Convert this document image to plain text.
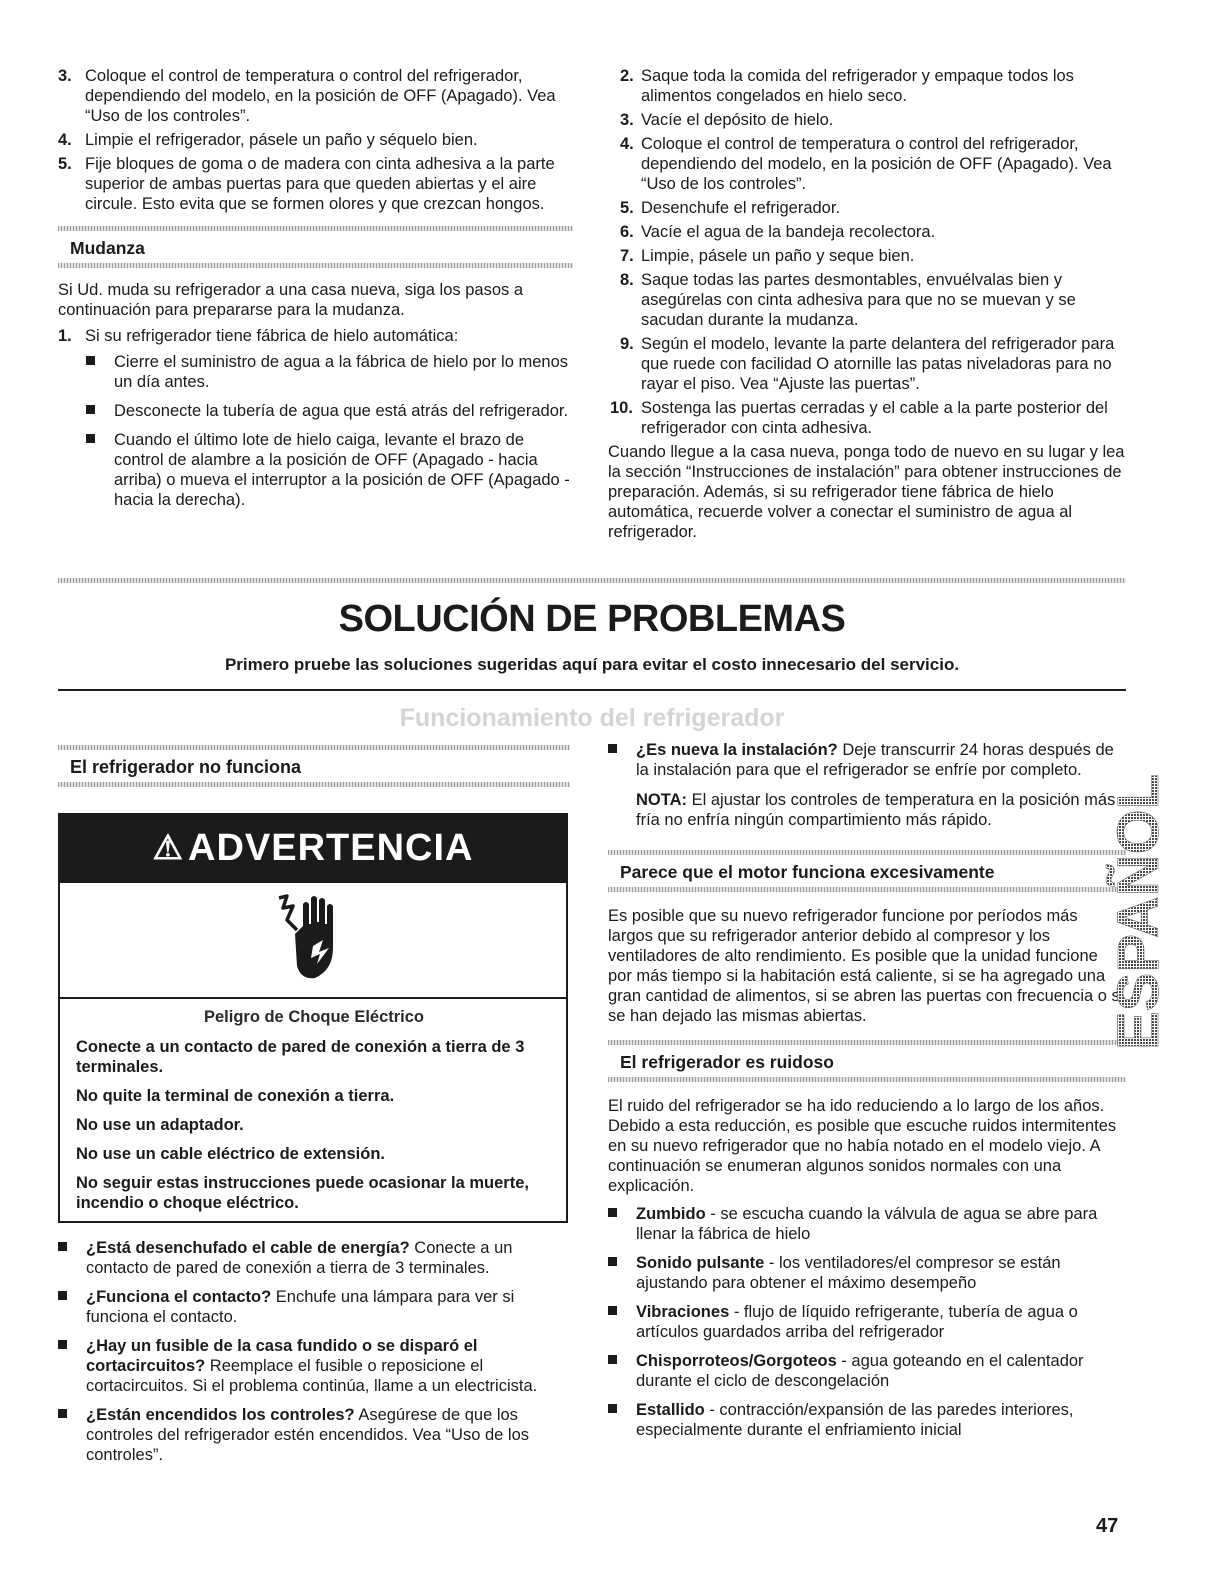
3. Coloque el control de temperatura o control del refrigerador, dependiendo del modelo, en la posición de OFF (Apagado). Vea “Uso de los controles”.
4. Limpie el refrigerador, pásele un paño y séquelo bien.
5. Fije bloques de goma o de madera con cinta adhesiva a la parte superior de ambas puertas para que queden abiertas y el aire circule. Esto evita que se formen olores y que crezcan hongos.
Mudanza

Si Ud. muda su refrigerador a una casa nueva, siga los pasos a continuación para prepararse para la mudanza.

1. Si su refrigerador tiene fábrica de hielo automática:
Cierre el suministro de agua a la fábrica de hielo por lo menos un día antes.
Desconecte la tubería de agua que está atrás del refrigerador.
Cuando el último lote de hielo caiga, levante el brazo de control de alambre a la posición de OFF (Apagado - hacia arriba) o mueva el interruptor a la posición de OFF (Apagado - hacia la derecha).
2. Saque toda la comida del refrigerador y empaque todos los alimentos congelados en hielo seco.
3. Vacíe el depósito de hielo.
4. Coloque el control de temperatura o control del refrigerador, dependiendo del modelo, en la posición de OFF (Apagado). Vea “Uso de los controles”.
5. Desenchufe el refrigerador.
6. Vacíe el agua de la bandeja recolectora.
7. Limpie, pásele un paño y seque bien.
8. Saque todas las partes desmontables, envuélvalas bien y asegúrelas con cinta adhesiva para que no se muevan y se sacudan durante la mudanza.
9. Según el modelo, levante la parte delantera del refrigerador para que ruede con facilidad O atornille las patas niveladoras para no rayar el piso. Vea “Ajuste las puertas”.
10. Sostenga las puertas cerradas y el cable a la parte posterior del refrigerador con cinta adhesiva.

Cuando llegue a la casa nueva, ponga todo de nuevo en su lugar y lea la sección “Instrucciones de instalación” para obtener instrucciones de preparación. Además, si su refrigerador tiene fábrica de hielo automática, recuerde volver a conectar el suministro de agua al refrigerador.

SOLUCIÓN DE PROBLEMAS
Primero pruebe las soluciones sugeridas aquí para evitar el costo innecesario del servicio.
Funcionamiento del refrigerador
El refrigerador no funciona
⚠ ADVERTENCIA
Peligro de Choque Eléctrico

Conecte a un contacto de pared de conexión a tierra de 3 terminales.

No quite la terminal de conexión a tierra.

No use un adaptador.

No use un cable eléctrico de extensión.

No seguir estas instrucciones puede ocasionar la muerte, incendio o choque eléctrico.

¿Está desenchufado el cable de energía? Conecte a un contacto de pared de conexión a tierra de 3 terminales.
¿Funciona el contacto? Enchufe una lámpara para ver si funciona el contacto.
¿Hay un fusible de la casa fundido o se disparó el cortacircuitos? Reemplace el fusible o reposicione el cortacircuitos. Si el problema continúa, llame a un electricista.
¿Están encendidos los controles? Asegúrese de que los controles del refrigerador estén encendidos. Vea “Uso de los controles”.
¿Es nueva la instalación? Deje transcurrir 24 horas después de la instalación para que el refrigerador se enfríe por completo.

NOTA: El ajustar los controles de temperatura en la posición más fría no enfría ningún compartimiento más rápido.

Parece que el motor funciona excesivamente

Es posible que su nuevo refrigerador funcione por períodos más largos que su refrigerador anterior debido al compresor y los ventiladores de alto rendimiento. Es posible que la unidad funcione por más tiempo si la habitación está caliente, si se ha agregado una gran cantidad de alimentos, si se abren las puertas con frecuencia o si se han dejado las mismas abiertas.

El refrigerador es ruidoso

El ruido del refrigerador se ha ido reduciendo a lo largo de los años. Debido a esta reducción, es posible que escuche ruidos intermitentes en su nuevo refrigerador que no había notado en el modelo viejo. A continuación se enumeran algunos sonidos normales con una explicación.

Zumbido - se escucha cuando la válvula de agua se abre para llenar la fábrica de hielo
Sonido pulsante - los ventiladores/el compresor se están ajustando para obtener el máximo desempeño
Vibraciones - flujo de líquido refrigerante, tubería de agua o artículos guardados arriba del refrigerador
Chisporroteos/Gorgoteos - agua goteando en el calentador durante el ciclo de descongelación
Estallido - contracción/expansión de las paredes interiores, especialmente durante el enfriamiento inicial
ESPAÑOL
47
